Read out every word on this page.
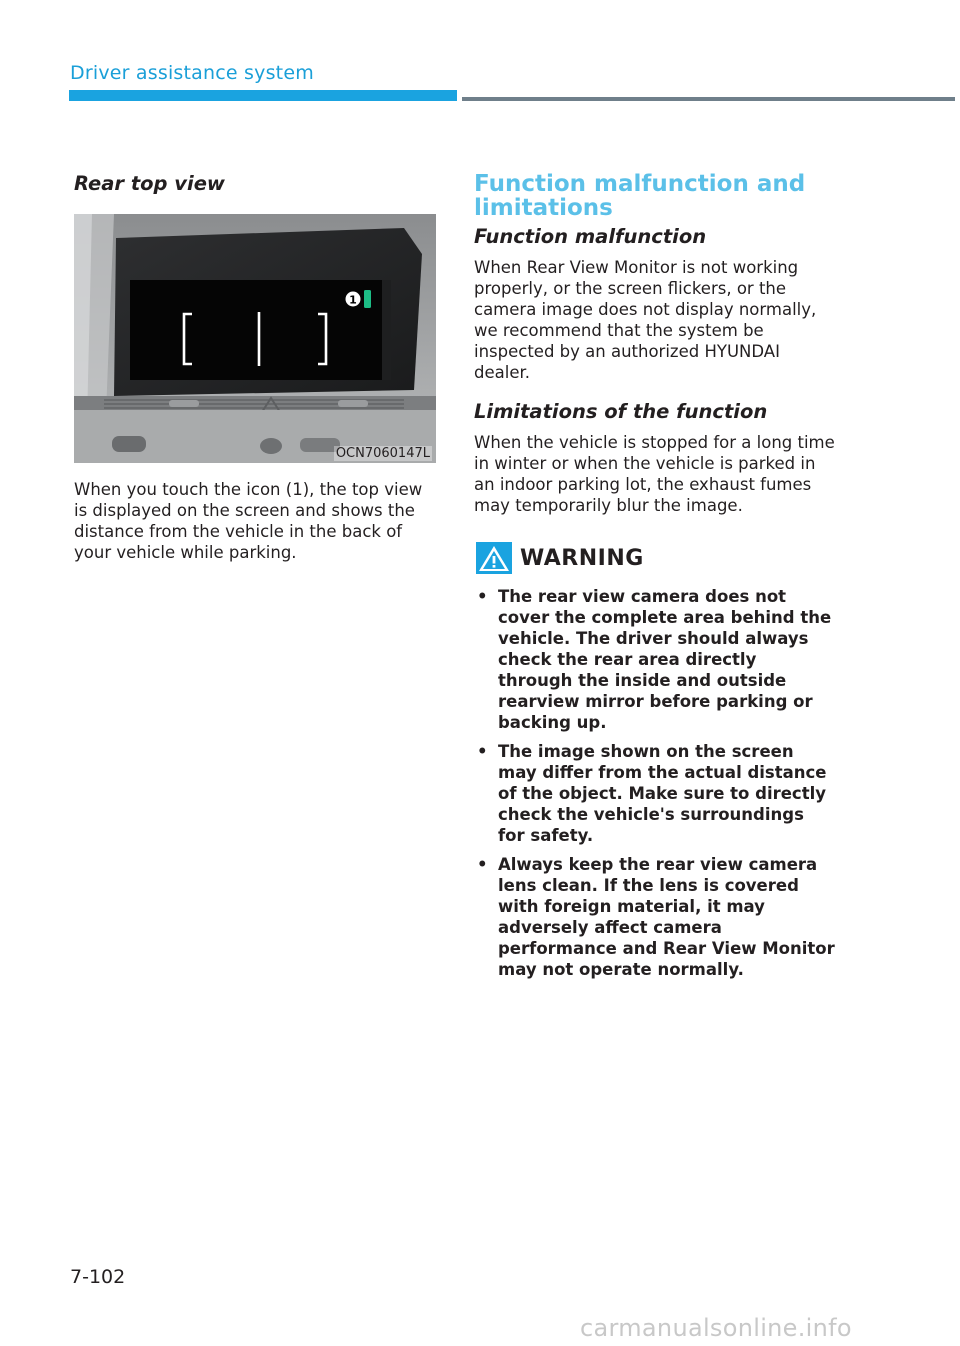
Driver assistance system
Rear top view
1
OCN7060147L

When you touch the icon (1), the top view is displayed on the screen and shows the distance from the vehicle in the back of your vehicle while parking.

Function malfunction and limitations
Function malfunction

When Rear View Monitor is not working properly, or the screen flickers, or the camera image does not display normally, we recommend that the system be inspected by an authorized HYUNDAI dealer.

Limitations of the function

When the vehicle is stopped for a long time in winter or when the vehicle is parked in an indoor parking lot, the exhaust fumes may temporarily blur the image.

WARNING
• The rear view camera does not cover the complete area behind the vehicle. The driver should always check the rear area directly through the inside and outside rearview mirror before parking or backing up.
• The image shown on the screen may differ from the actual distance of the object. Make sure to directly check the vehicle's surroundings for safety.
• Always keep the rear view camera lens clean. If the lens is covered with foreign material, it may adversely affect camera performance and Rear View Monitor may not operate normally.
7-102
carmanualsonline.info
